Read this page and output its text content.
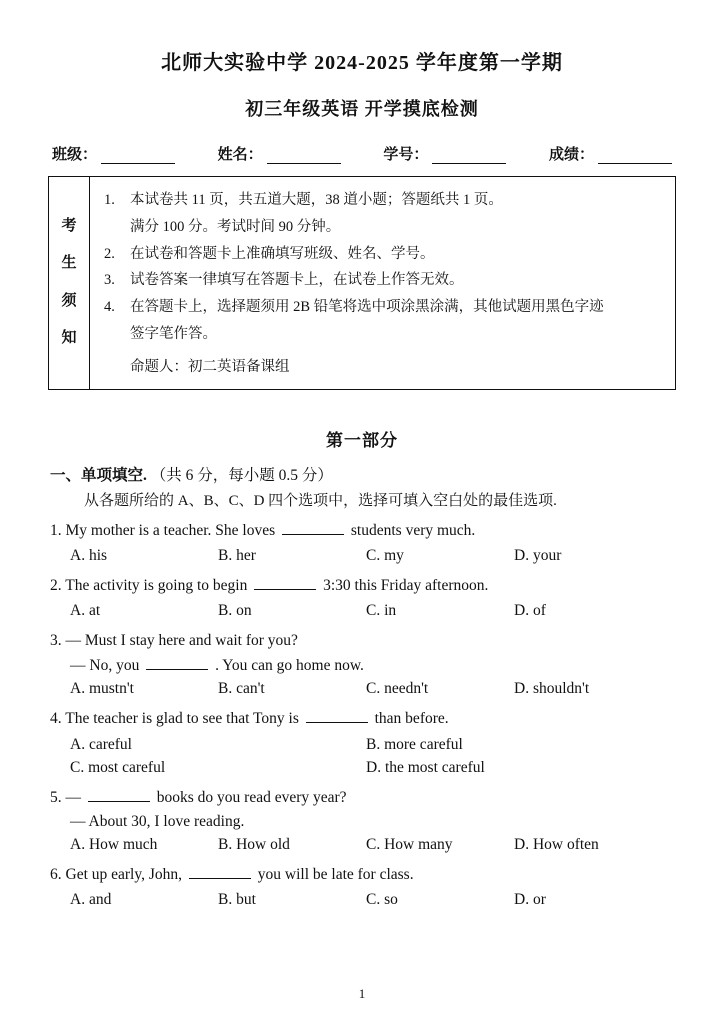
北师大实验中学 2024-2025 学年度第一学期
初三年级英语 开学摸底检测
班级：	姓名：	学号：	成绩：
考
生
须
知
1.	本试卷共 11 页，共五道大题，38 道小题；答题纸共 1 页。
满分 100 分。考试时间 90 分钟。
2.	在试卷和答题卡上准确填写班级、姓名、学号。
3.	试卷答案一律填写在答题卡上，在试卷上作答无效。
4.	在答题卡上，选择题须用 2B 铅笔将选中项涂黑涂满，其他试题用黑色字迹
签字笔作答。
命题人：初二英语备课组
第一部分
一、单项填空. （共 6 分，每小题 0.5 分）
从各题所给的 A、B、C、D 四个选项中，选择可填入空白处的最佳选项.
1. My mother is a teacher. She loves	students very much.
A. his	B. her	C. my	D. your
2. The activity is going to begin	3:30 this Friday afternoon.
A. at	B. on	C. in	D. of
3. — Must I stay here and wait for you?
— No, you	. You can go home now.
A. mustn't	B. can't	C. needn't	D. shouldn't
4. The teacher is glad to see that Tony is	than before.
A. careful	B. more careful
C. most careful	D. the most careful
5. —	books do you read every year?
— About 30, I love reading.
A. How much	B. How old	C. How many	D. How often
6. Get up early, John,	you will be late for class.
A. and	B. but	C. so	D. or
1
